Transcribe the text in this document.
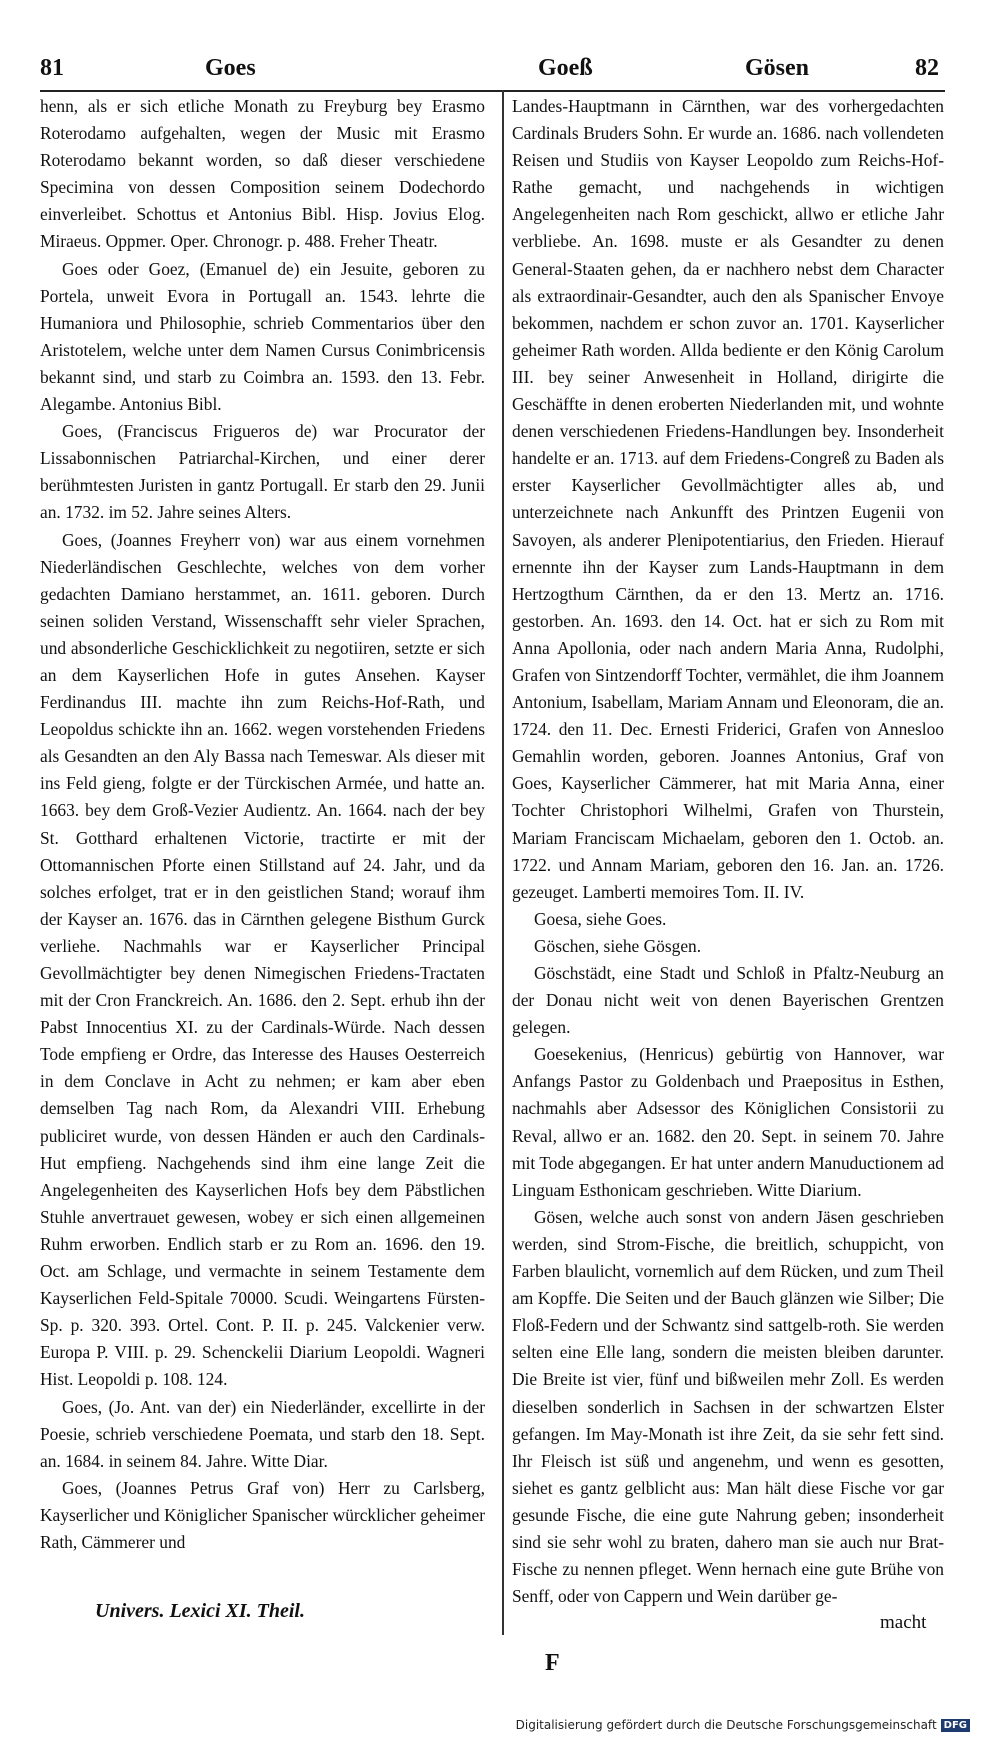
81	Goes	Goeß	Gösen	82

henn, als er sich etliche Monath zu Freyburg bey Erasmo Roterodamo aufgehalten, wegen der Music mit Erasmo Roterodamo bekannt worden, so daß dieser verschiedene Specimina von dessen Composition seinem Dodechordo einverleibet. Schottus et Antonius Bibl. Hisp. Jovius Elog. Miraeus. Oppmer. Oper. Chronogr. p. 488. Freher Theatr.

Goes oder Goez, (Emanuel de) ein Jesuite, geboren zu Portela, unweit Evora in Portugall an. 1543. lehrte die Humaniora und Philosophie, schrieb Commentarios über den Aristotelem, welche unter dem Namen Cursus Conimbricensis bekannt sind, und starb zu Coimbra an. 1593. den 13. Febr. Alegambe. Antonius Bibl.

Goes, (Franciscus Frigueros de) war Procurator der Lissabonnischen Patriarchal-Kirchen, und einer derer berühmtesten Juristen in gantz Portugall. Er starb den 29. Junii an. 1732. im 52. Jahre seines Alters.

Goes, (Joannes Freyherr von) war aus einem vornehmen Niederländischen Geschlechte, welches von dem vorher gedachten Damiano herstammet, an. 1611. geboren. Durch seinen soliden Verstand, Wissenschafft sehr vieler Sprachen, und absonderliche Geschicklichkeit zu negotiiren, setzte er sich an dem Kayserlichen Hofe in gutes Ansehen. Kayser Ferdinandus III. machte ihn zum Reichs-Hof-Rath, und Leopoldus schickte ihn an. 1662. wegen vorstehenden Friedens als Gesandten an den Aly Bassa nach Temeswar. Als dieser mit ins Feld gieng, folgte er der Türckischen Armée, und hatte an. 1663. bey dem Groß-Vezier Audientz. An. 1664. nach der bey St. Gotthard erhaltenen Victorie, tractirte er mit der Ottomannischen Pforte einen Stillstand auf 24. Jahr, und da solches erfolget, trat er in den geistlichen Stand; worauf ihm der Kayser an. 1676. das in Cärnthen gelegene Bisthum Gurck verliehe. Nachmahls war er Kayserlicher Principal Gevollmächtigter bey denen Nimegischen Friedens-Tractaten mit der Cron Franckreich. An. 1686. den 2. Sept. erhub ihn der Pabst Innocentius XI. zu der Cardinals-Würde. Nach dessen Tode empfieng er Ordre, das Interesse des Hauses Oesterreich in dem Conclave in Acht zu nehmen; er kam aber eben demselben Tag nach Rom, da Alexandri VIII. Erhebung publiciret wurde, von dessen Händen er auch den Cardinals-Hut empfieng. Nachgehends sind ihm eine lange Zeit die Angelegenheiten des Kayserlichen Hofs bey dem Päbstlichen Stuhle anvertrauet gewesen, wobey er sich einen allgemeinen Ruhm erworben. Endlich starb er zu Rom an. 1696. den 19. Oct. am Schlage, und vermachte in seinem Testamente dem Kayserlichen Feld-Spitale 70000. Scudi. Weingartens Fürsten-Sp. p. 320. 393. Ortel. Cont. P. II. p. 245. Valckenier verw. Europa P. VIII. p. 29. Schenckelii Diarium Leopoldi. Wagneri Hist. Leopoldi p. 108. 124.

Goes, (Jo. Ant. van der) ein Niederländer, excellirte in der Poesie, schrieb verschiedene Poemata, und starb den 18. Sept. an. 1684. in seinem 84. Jahre. Witte Diar.

Goes, (Joannes Petrus Graf von) Herr zu Carlsberg, Kayserlicher und Königlicher Spanischer würcklicher geheimer Rath, Cämmerer und

Landes-Hauptmann in Cärnthen, war des vorhergedachten Cardinals Bruders Sohn. Er wurde an. 1686. nach vollendeten Reisen und Studiis von Kayser Leopoldo zum Reichs-Hof-Rathe gemacht, und nachgehends in wichtigen Angelegenheiten nach Rom geschickt, allwo er etliche Jahr verbliebe. An. 1698. muste er als Gesandter zu denen General-Staaten gehen, da er nachhero nebst dem Character als extraordinair-Gesandter, auch den als Spanischer Envoye bekommen, nachdem er schon zuvor an. 1701. Kayserlicher geheimer Rath worden. Allda bediente er den König Carolum III. bey seiner Anwesenheit in Holland, dirigirte die Geschäffte in denen eroberten Niederlanden mit, und wohnte denen verschiedenen Friedens-Handlungen bey. Insonderheit handelte er an. 1713. auf dem Friedens-Congreß zu Baden als erster Kayserlicher Gevollmächtigter alles ab, und unterzeichnete nach Ankunfft des Printzen Eugenii von Savoyen, als anderer Plenipotentiarius, den Frieden. Hierauf ernennte ihn der Kayser zum Lands-Hauptmann in dem Hertzogthum Cärnthen, da er den 13. Mertz an. 1716. gestorben. An. 1693. den 14. Oct. hat er sich zu Rom mit Anna Apollonia, oder nach andern Maria Anna, Rudolphi, Grafen von Sintzendorff Tochter, vermählet, die ihm Joannem Antonium, Isabellam, Mariam Annam und Eleonoram, die an. 1724. den 11. Dec. Ernesti Friderici, Grafen von Annesloo Gemahlin worden, geboren. Joannes Antonius, Graf von Goes, Kayserlicher Cämmerer, hat mit Maria Anna, einer Tochter Christophori Wilhelmi, Grafen von Thurstein, Mariam Franciscam Michaelam, geboren den 1. Octob. an. 1722. und Annam Mariam, geboren den 16. Jan. an. 1726. gezeuget. Lamberti memoires Tom. II. IV.

Goesa, siehe Goes.

Göschen, siehe Gösgen.

Göschstädt, eine Stadt und Schloß in Pfaltz-Neuburg an der Donau nicht weit von denen Bayerischen Grentzen gelegen.

Goesekenius, (Henricus) gebürtig von Hannover, war Anfangs Pastor zu Goldenbach und Praepositus in Esthen, nachmahls aber Adsessor des Königlichen Consistorii zu Reval, allwo er an. 1682. den 20. Sept. in seinem 70. Jahre mit Tode abgegangen. Er hat unter andern Manuductionem ad Linguam Esthonicam geschrieben. Witte Diarium.

Gösen, welche auch sonst von andern Jäsen geschrieben werden, sind Strom-Fische, die breitlich, schuppicht, von Farben blaulicht, vornemlich auf dem Rücken, und zum Theil am Kopffe. Die Seiten und der Bauch glänzen wie Silber; Die Floß-Federn und der Schwantz sind sattgelb-roth. Sie werden selten eine Elle lang, sondern die meisten bleiben darunter. Die Breite ist vier, fünf und bißweilen mehr Zoll. Es werden dieselben sonderlich in Sachsen in der schwartzen Elster gefangen. Im May-Monath ist ihre Zeit, da sie sehr fett sind. Ihr Fleisch ist süß und angenehm, und wenn es gesotten, siehet es gantz gelblicht aus: Man hält diese Fische vor gar gesunde Fische, die eine gute Nahrung geben; insonderheit sind sie sehr wohl zu braten, dahero man sie auch nur Brat-Fische zu nennen pfleget. Wenn hernach eine gute Brühe von Senff, oder von Cappern und Wein darüber ge-

Univers. Lexici XI. Theil.
macht
F
Digitalisierung gefördert durch die Deutsche Forschungsgemeinschaft DFG
